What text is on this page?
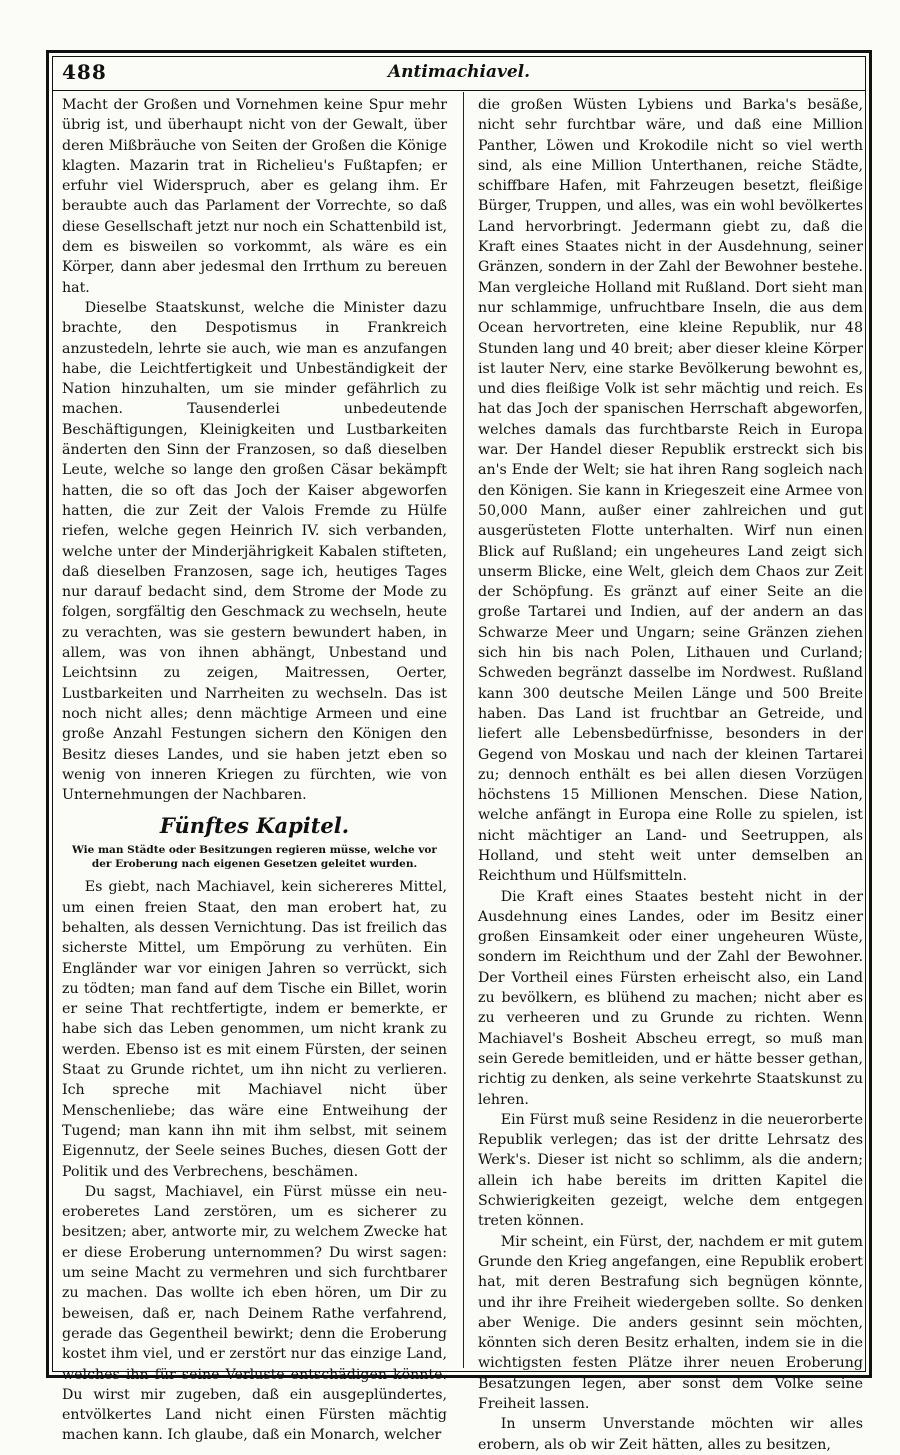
488	Antimachiavel.

Macht der Großen und Vornehmen keine Spur mehr übrig ist, und überhaupt nicht von der Gewalt, über deren Mißbräuche von Seiten der Großen die Könige klagten. Mazarin trat in Richelieu's Fußtapfen; er erfuhr viel Widerspruch, aber es gelang ihm. Er beraubte auch das Parlament der Vorrechte, so daß diese Gesellschaft jetzt nur noch ein Schattenbild ist, dem es bisweilen so vorkommt, als wäre es ein Körper, dann aber jedesmal den Irrthum zu bereuen hat.

Dieselbe Staatskunst, welche die Minister dazu brachte, den Despotismus in Frankreich anzustedeln, lehrte sie auch, wie man es anzufangen habe, die Leichtfertigkeit und Unbeständigkeit der Nation hinzuhalten, um sie minder gefährlich zu machen. Tausenderlei unbedeutende Beschäftigungen, Kleinigkeiten und Lustbarkeiten änderten den Sinn der Franzosen, so daß dieselben Leute, welche so lange den großen Cäsar bekämpft hatten, die so oft das Joch der Kaiser abgeworfen hatten, die zur Zeit der Valois Fremde zu Hülfe riefen, welche gegen Heinrich IV. sich verbanden, welche unter der Minderjährigkeit Kabalen stifteten, daß dieselben Franzosen, sage ich, heutiges Tages nur darauf bedacht sind, dem Strome der Mode zu folgen, sorgfältig den Geschmack zu wechseln, heute zu verachten, was sie gestern bewundert haben, in allem, was von ihnen abhängt, Unbestand und Leichtsinn zu zeigen, Maitressen, Oerter, Lustbarkeiten und Narrheiten zu wechseln. Das ist noch nicht alles; denn mächtige Armeen und eine große Anzahl Festungen sichern den Königen den Besitz dieses Landes, und sie haben jetzt eben so wenig von inneren Kriegen zu fürchten, wie von Unternehmungen der Nachbaren.

Fünftes Kapitel.
Wie man Städte oder Besitzungen regieren müsse, welche vor der Eroberung nach eigenen Gesetzen geleitet wurden.

Es giebt, nach Machiavel, kein sichereres Mittel, um einen freien Staat, den man erobert hat, zu behalten, als dessen Vernichtung. Das ist freilich das sicherste Mittel, um Empörung zu verhüten. Ein Engländer war vor einigen Jahren so verrückt, sich zu tödten; man fand auf dem Tische ein Billet, worin er seine That rechtfertigte, indem er bemerkte, er habe sich das Leben genommen, um nicht krank zu werden. Ebenso ist es mit einem Fürsten, der seinen Staat zu Grunde richtet, um ihn nicht zu verlieren. Ich spreche mit Machiavel nicht über Menschenliebe; das wäre eine Entweihung der Tugend; man kann ihn mit ihm selbst, mit seinem Eigennutz, der Seele seines Buches, diesen Gott der Politik und des Verbrechens, beschämen.

Du sagst, Machiavel, ein Fürst müsse ein neu-eroberetes Land zerstören, um es sicherer zu besitzen; aber, antworte mir, zu welchem Zwecke hat er diese Eroberung unternommen? Du wirst sagen: um seine Macht zu vermehren und sich furchtbarer zu machen. Das wollte ich eben hören, um Dir zu beweisen, daß er, nach Deinem Rathe verfahrend, gerade das Gegentheil bewirkt; denn die Eroberung kostet ihm viel, und er zerstört nur das einzige Land, welches ihn für seine Verluste entschädigen könnte. Du wirst mir zugeben, daß ein ausgeplündertes, entvölkertes Land nicht einen Fürsten mächtig machen kann. Ich glaube, daß ein Monarch, welcher

die großen Wüsten Lybiens und Barka's besäße, nicht sehr furchtbar wäre, und daß eine Million Panther, Löwen und Krokodile nicht so viel werth sind, als eine Million Unterthanen, reiche Städte, schiffbare Hafen, mit Fahrzeugen besetzt, fleißige Bürger, Truppen, und alles, was ein wohl bevölkertes Land hervorbringt. Jedermann giebt zu, daß die Kraft eines Staates nicht in der Ausdehnung, seiner Gränzen, sondern in der Zahl der Bewohner bestehe. Man vergleiche Holland mit Rußland. Dort sieht man nur schlammige, unfruchtbare Inseln, die aus dem Ocean hervortreten, eine kleine Republik, nur 48 Stunden lang und 40 breit; aber dieser kleine Körper ist lauter Nerv, eine starke Bevölkerung bewohnt es, und dies fleißige Volk ist sehr mächtig und reich. Es hat das Joch der spanischen Herrschaft abgeworfen, welches damals das furchtbarste Reich in Europa war. Der Handel dieser Republik erstreckt sich bis an's Ende der Welt; sie hat ihren Rang sogleich nach den Königen. Sie kann in Kriegeszeit eine Armee von 50,000 Mann, außer einer zahlreichen und gut ausgerüsteten Flotte unterhalten. Wirf nun einen Blick auf Rußland; ein ungeheures Land zeigt sich unserm Blicke, eine Welt, gleich dem Chaos zur Zeit der Schöpfung. Es gränzt auf einer Seite an die große Tartarei und Indien, auf der andern an das Schwarze Meer und Ungarn; seine Gränzen ziehen sich hin bis nach Polen, Lithauen und Curland; Schweden begränzt dasselbe im Nordwest. Rußland kann 300 deutsche Meilen Länge und 500 Breite haben. Das Land ist fruchtbar an Getreide, und liefert alle Lebensbedürfnisse, besonders in der Gegend von Moskau und nach der kleinen Tartarei zu; dennoch enthält es bei allen diesen Vorzügen höchstens 15 Millionen Menschen. Diese Nation, welche anfängt in Europa eine Rolle zu spielen, ist nicht mächtiger an Land- und Seetruppen, als Holland, und steht weit unter demselben an Reichthum und Hülfsmitteln.

Die Kraft eines Staates besteht nicht in der Ausdehnung eines Landes, oder im Besitz einer großen Einsamkeit oder einer ungeheuren Wüste, sondern im Reichthum und der Zahl der Bewohner. Der Vortheil eines Fürsten erheischt also, ein Land zu bevölkern, es blühend zu machen; nicht aber es zu verheeren und zu Grunde zu richten. Wenn Machiavel's Bosheit Abscheu erregt, so muß man sein Gerede bemitleiden, und er hätte besser gethan, richtig zu denken, als seine verkehrte Staatskunst zu lehren.

Ein Fürst muß seine Residenz in die neuerorberte Republik verlegen; das ist der dritte Lehrsatz des Werk's. Dieser ist nicht so schlimm, als die andern; allein ich habe bereits im dritten Kapitel die Schwierigkeiten gezeigt, welche dem entgegen treten können.

Mir scheint, ein Fürst, der, nachdem er mit gutem Grunde den Krieg angefangen, eine Republik erobert hat, mit deren Bestrafung sich begnügen könnte, und ihr ihre Freiheit wiedergeben sollte. So denken aber Wenige. Die anders gesinnt sein möchten, könnten sich deren Besitz erhalten, indem sie in die wichtigsten festen Plätze ihrer neuen Eroberung Besatzungen legen, aber sonst dem Volke seine Freiheit lassen.

In unserm Unverstande möchten wir alles erobern, als ob wir Zeit hätten, alles zu besitzen,
